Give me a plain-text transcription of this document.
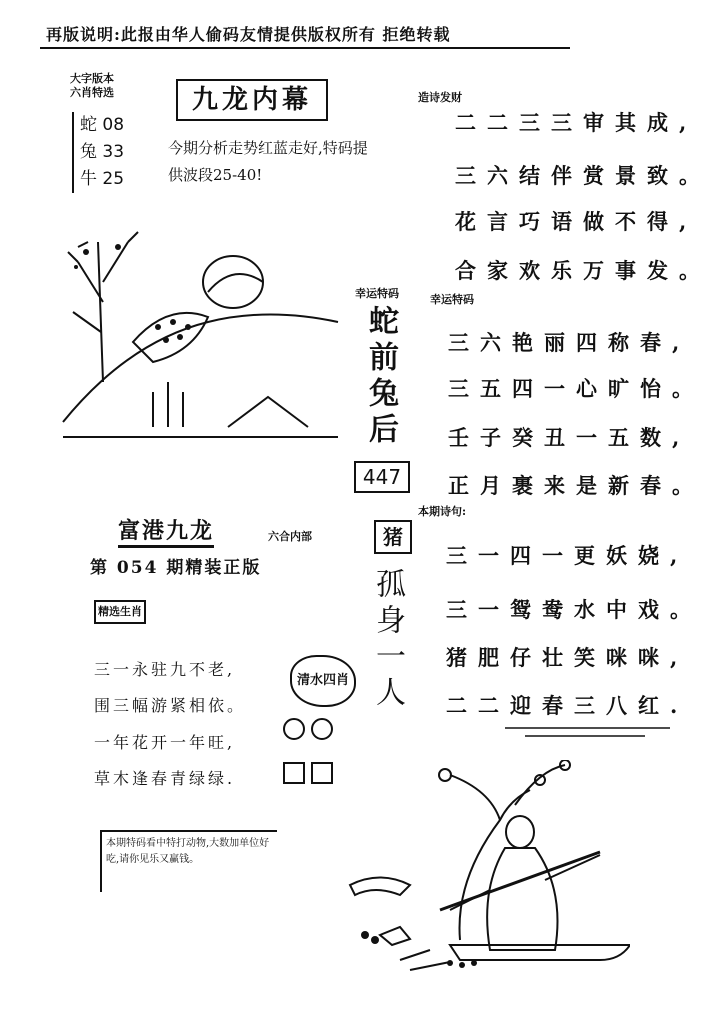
再版说明:此报由华人偷码友情提供版权所有 拒绝转载
大字版本
六肖特选
蛇 08
兔 33
牛 25
九龙内幕
今期分析走势红蓝走好,特码提供波段25-40!
造诗发财
二二三三审其成,
三六结伴赏景致。
花言巧语做不得,
合家欢乐万事发。
幸运特码
三六艳丽四称春,
三五四一心旷怡。
壬子癸丑一五数,
正月裹来是新春。
幸运特码
蛇前兔后
447
猪
孤身一人
本期诗句:
三一四一更妖娆,
三一鸳鸯水中戏。
猪肥仔壮笑咪咪,
二二迎春三八红.
富港九龙	六合内部
第 054 期精装正版
精选生肖
三一永驻九不老,
围三幅游紧相依。
一年花开一年旺,
草木逢春青绿绿.
清水四肖
本期特码看中特打动物,大数加单位好吃,请你见乐又赢钱。
